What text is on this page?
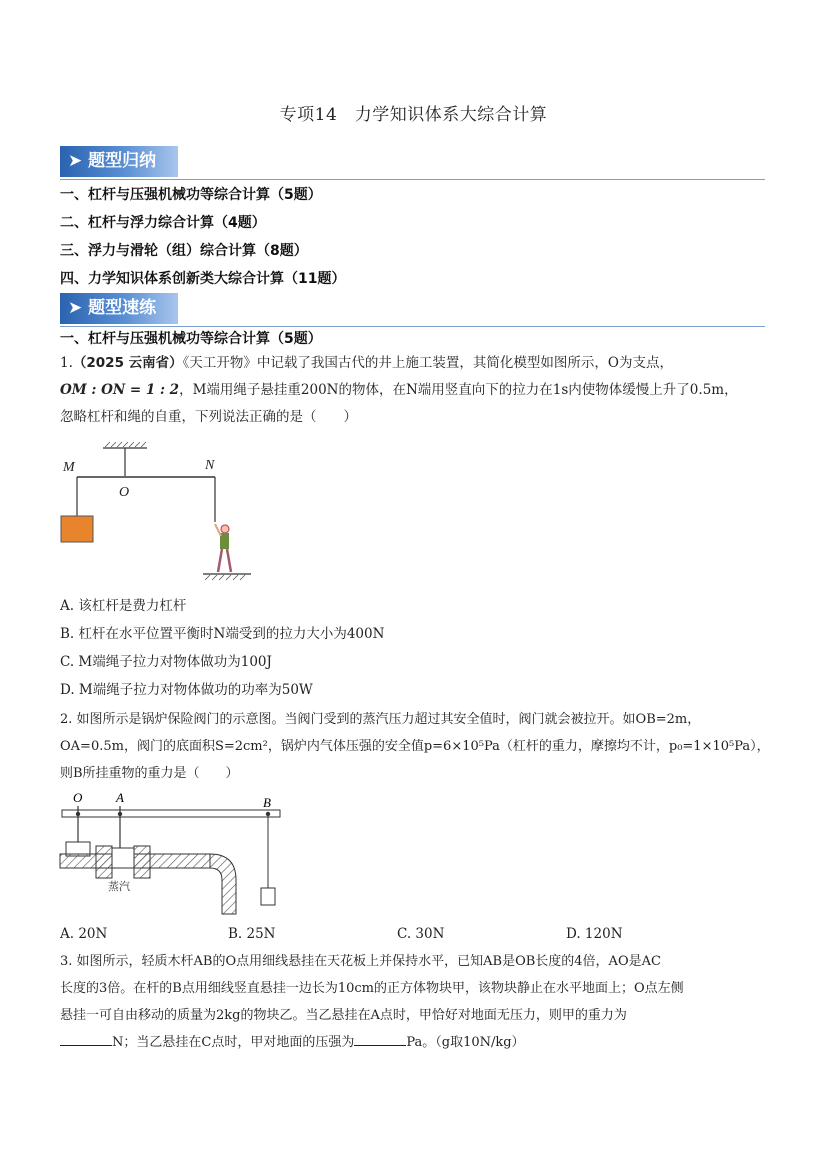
专项14　力学知识体系大综合计算
➤ 题型归纳
一、杠杆与压强机械功等综合计算（5题）
二、杠杆与浮力综合计算（4题）
三、浮力与滑轮（组）综合计算（8题）
四、力学知识体系创新类大综合计算（11题）
➤ 题型速练
一、杠杆与压强机械功等综合计算（5题）
1.（2025 云南省）《天工开物》中记载了我国古代的井上施工装置，其简化模型如图所示，O为支点，
OM : ON = 1 : 2，M端用绳子悬挂重200N的物体，在N端用竖直向下的拉力在1s内使物体缓慢上升了0.5m，
忽略杠杆和绳的自重，下列说法正确的是（　　）
M
O
N
A. 该杠杆是费力杠杆
B. 杠杆在水平位置平衡时N端受到的拉力大小为400N
C. M端绳子拉力对物体做功为100J
D. M端绳子拉力对物体做功的功率为50W
2. 如图所示是锅炉保险阀门的示意图。当阀门受到的蒸汽压力超过其安全值时，阀门就会被拉开。如OB=2m，
OA=0.5m，阀门的底面积S=2cm²，锅炉内气体压强的安全值p=6×10⁵Pa（杠杆的重力，摩擦均不计，p₀=1×10⁵Pa），
则B所挂重物的重力是（　　）
O	A	B
蒸汽
A. 20N	B. 25N	C. 30N	D. 120N
3. 如图所示，轻质木杆AB的O点用细线悬挂在天花板上并保持水平，已知AB是OB长度的4倍，AO是AC
长度的3倍。在杆的B点用细线竖直悬挂一边长为10cm的正方体物块甲，该物块静止在水平地面上；O点左侧
悬挂一可自由移动的质量为2kg的物块乙。当乙悬挂在A点时，甲恰好对地面无压力，则甲的重力为
N；当乙悬挂在C点时，甲对地面的压强为	Pa。（g取10N/kg）
